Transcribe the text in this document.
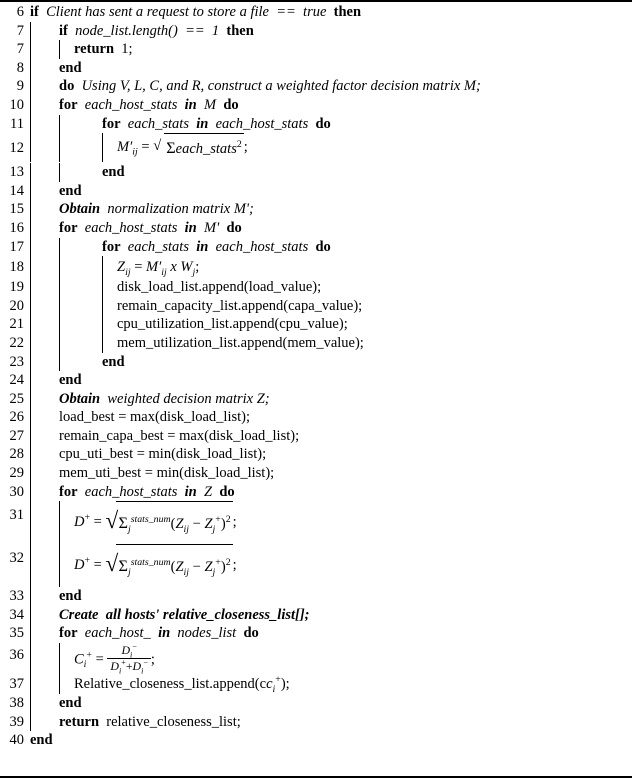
6 if Client has sent a request to store a file == true then
7	if node_list.length() == 1 then
7	return 1;
8	end
9	do Using V, L, C, and R, construct a weighted factor decision matrix M;
10	for each_host_stats in M do
11	for each_stats in each_host_stats do
12	$M'_{ij}$ = √ Σeach_stats$^2$ ;
13	end
14	end
15	Obtain normalization matrix M';
16	for each_host_stats in M' do
17	for each_stats in each_host_stats do
18	$Z_{ij} = M'_{ij}$ x $W_j$;
19	disk_load_list.append(load_value);
20	remain_capacity_list.append(capa_value);
21	cpu_utilization_list.append(cpu_value);
22	mem_utilization_list.append(mem_value);
23	end
24	end
25	Obtain weighted decision matrix Z;
26	load_best = max(disk_load_list);
27	remain_capa_best = max(disk_load_list);
28	cpu_uti_best = min(disk_load_list);
29	mem_uti_best = min(disk_load_list);
30	for each_host_stats in Z do
31	D+ = √ $\Sigma_j^{stats\_num}(Z_{ij} - Z_j^+)^2$ ;
32	D+ = √ $\Sigma_j^{stats\_num}(Z_{ij} - Z_j^+)^2$ ;
33	end
34	Create all hosts' relative_closeness_list[];
35	for each_host_ in nodes_list do
36	$C_i^+ = \frac{D_i^-}{D_i^++D_i^-}$ ;
37	$Relative\_closeness\_list.append(cc_i^+)$;
38	end
39	return relative_closeness_list;
40 end
